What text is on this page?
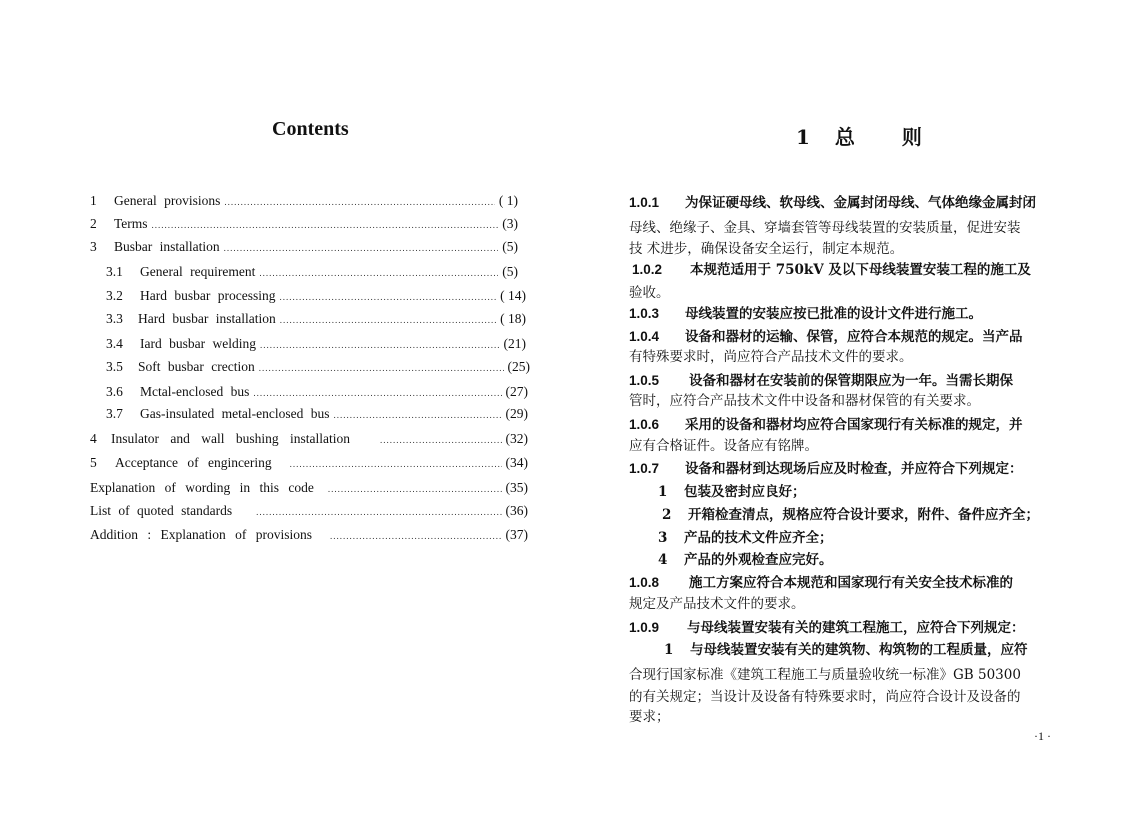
Contents
1	General provisions .....	( 1)
2	Terms .....	(3)
3	Busbar installation .....	(5)
3.1	General requirement .....	(5)
3.2	Hard busbar processing .....	( 14)
3.3	Hard busbar installation .....	( 18)
3.4	Iard busbar welding .....	(21)
3.5	Soft busbar crection .....	(25)
3.6	Mctal-enclosed bus .....	(27)
3.7	Gas-insulated metal-enclosed bus .....	(29)
4	Insulator and wall bushing installation .....	(32)
5	Acceptance of engincering .....	(34)
Explanation of wording in this code .....	(35)
List of quoted standards .....	(36)
Addition : Explanation of provisions .....	(37)
1 总 则
1.0.1 为保证硬母线、软母线、金属封闭母线、气体绝缘金属封闭
母线、绝缘子、金具、穿墙套管等母线装置的安装质量，促进安装
技 术进步，确保设备安全运行，制定本规范。
1.0.2 本规范适用于 750kV 及以下母线装置安装工程的施工及
验收。
1.0.3 母线装置的安装应按已批准的设计文件进行施工。
1.0.4 设备和器材的运输、保管，应符合本规范的规定。当产品
有特殊要求时，尚应符合产品技术文件的要求。
1.0.5 设备和器材在安装前的保管期限应为一年。当需长期保
管时，应符合产品技术文件中设备和器材保管的有关要求。
1.0.6 采用的设备和器材均应符合国家现行有关标准的规定，并
应有合格证件。设备应有铭牌。
1.0.7 设备和器材到达现场后应及时检查，并应符合下列规定：
1 包装及密封应良好；
2 开箱检查清点，规格应符合设计要求，附件、备件应齐全；
3 产品的技术文件应齐全；
4 产品的外观检查应完好。
1.0.8 施工方案应符合本规范和国家现行有关安全技术标准的
规定及产品技术文件的要求。
1.0.9 与母线装置安装有关的建筑工程施工，应符合下列规定：
1 与母线装置安装有关的建筑物、构筑物的工程质量，应符
合现行国家标准《建筑工程施工与质量验收统一标准》GB 50300
的有关规定；当设计及设备有特殊要求时，尚应符合设计及设备的
要求；
·1 ·
